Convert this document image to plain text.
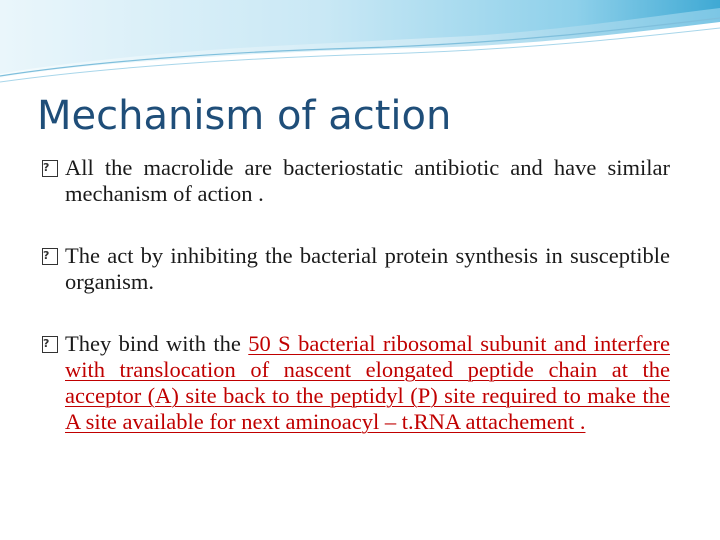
Mechanism of action
? All the macrolide are bacteriostatic antibiotic and have similar mechanism of action .
? The act by inhibiting the bacterial protein synthesis in susceptible organism.
? They bind with the 50 S bacterial ribosomal subunit and interfere with translocation of nascent elongated peptide chain at the acceptor (A) site back to the peptidyl (P) site required to make the A site available for next aminoacyl – t.RNA attachement .
